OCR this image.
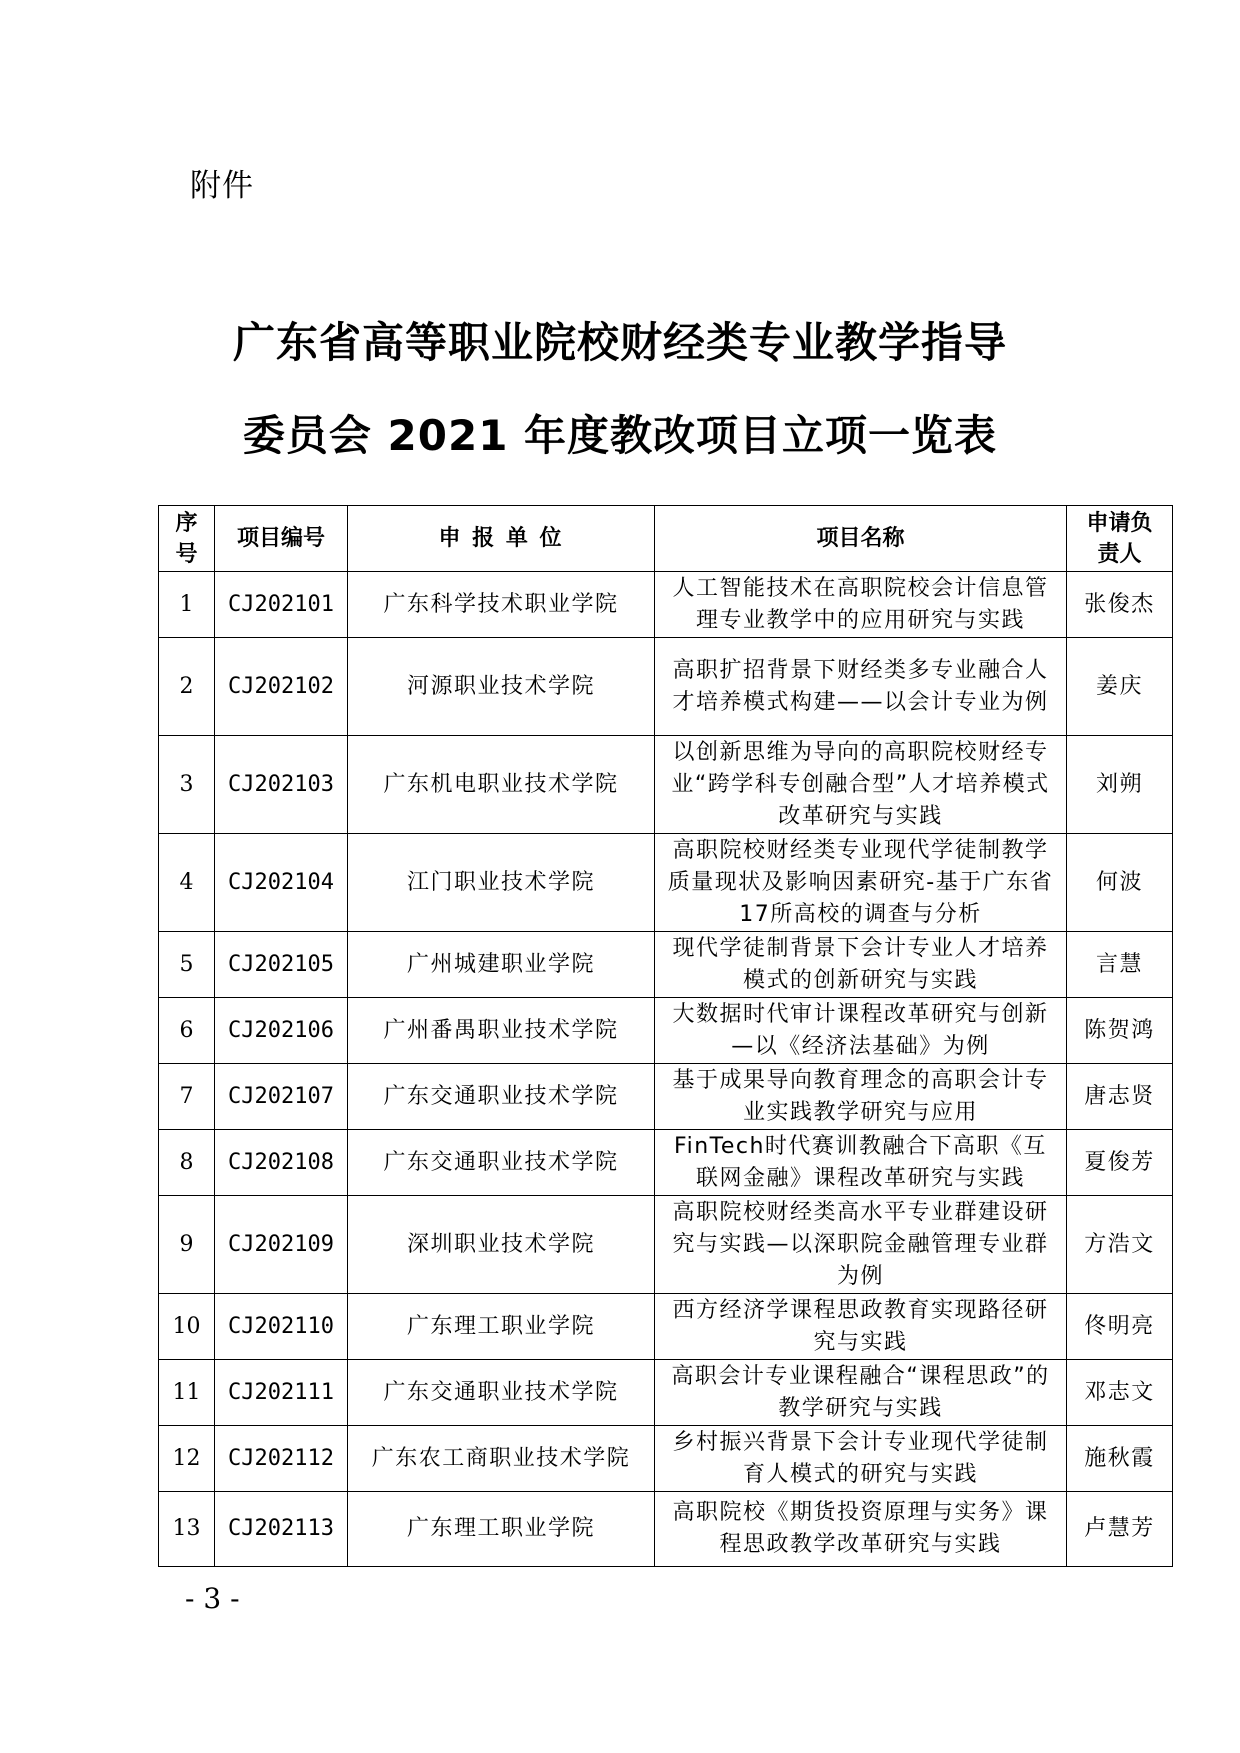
附件
广东省高等职业院校财经类专业教学指导
委员会 2021 年度教改项目立项一览表
序号	项目编号	申 报 单 位	项目名称	申请负责人

1	CJ202101	广东科学技术职业学院	人工智能技术在高职院校会计信息管理专业教学中的应用研究与实践	张俊杰
2	CJ202102	河源职业技术学院	高职扩招背景下财经类多专业融合人才培养模式构建——以会计专业为例	姜庆
3	CJ202103	广东机电职业技术学院	以创新思维为导向的高职院校财经专业“跨学科专创融合型”人才培养模式改革研究与实践	刘朔
4	CJ202104	江门职业技术学院	高职院校财经类专业现代学徒制教学质量现状及影响因素研究-基于广东省17所高校的调查与分析	何波
5	CJ202105	广州城建职业学院	现代学徒制背景下会计专业人才培养模式的创新研究与实践	言慧
6	CJ202106	广州番禺职业技术学院	大数据时代审计课程改革研究与创新—以《经济法基础》为例	陈贺鸿
7	CJ202107	广东交通职业技术学院	基于成果导向教育理念的高职会计专业实践教学研究与应用	唐志贤
8	CJ202108	广东交通职业技术学院	FinTech时代赛训教融合下高职《互联网金融》课程改革研究与实践	夏俊芳
9	CJ202109	深圳职业技术学院	高职院校财经类高水平专业群建设研究与实践—以深职院金融管理专业群为例	方浩文
10	CJ202110	广东理工职业学院	西方经济学课程思政教育实现路径研究与实践	佟明亮
11	CJ202111	广东交通职业技术学院	高职会计专业课程融合“课程思政”的教学研究与实践	邓志文
12	CJ202112	广东农工商职业技术学院	乡村振兴背景下会计专业现代学徒制育人模式的研究与实践	施秋霞
13	CJ202113	广东理工职业学院	高职院校《期货投资原理与实务》课程思政教学改革研究与实践	卢慧芳
- 3 -
